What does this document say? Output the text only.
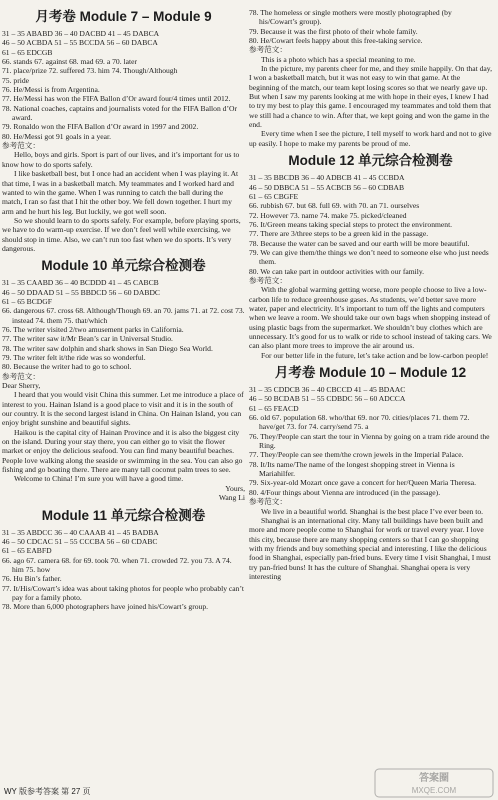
月考卷 Module 7 – Module 9

31 – 35 ABABD 36 – 40 DACBD 41 – 45 DABCA

46 – 50 ACBDA 51 – 55 BCCDA 56 – 60 DABCA

61 – 65 EDCGB

66. stands 67. against 68. mad 69. a 70. later

71. place/prize 72. suffered 73. him 74. Though/Although

75. pride

76. He/Messi is from Argentina.

77. He/Messi has won the FIFA Ballon d’Or award four/4 times until 2012.

78. National coaches, captains and journalists voted for the FIFA Ballon d’Or award.

79. Ronaldo won the FIFA Ballon d’Or award in 1997 and 2002.

80. He/Messi got 91 goals in a year.

参考范文：

Hello, boys and girls. Sport is part of our lives, and it’s important for us to know how to do sports safely.

I like basketball best, but I once had an accident when I was playing it. At that time, I was in a basketball match. My teammates and I worked hard and wanted to win the game. When I was running to catch the ball during the match, I ran so fast that I hit the other boy. We fell down together. I hurt my arm and he hurt his leg. But luckily, we got well soon.

So we should learn to do sports safely. For example, before playing sports, we have to do warm-up exercise. If we don’t feel well while exercising, we should stop in time. Also, we can’t run too fast when we do sports. It’s very dangerous.

Module 10 单元综合检测卷

31 – 35 CAABD 36 – 40 BCDDD 41 – 45 CABCB

46 – 50 DDAAD 51 – 55 BBDCD 56 – 60 DABDC

61 – 65 BCDGF

66. dangerous 67. cross 68. Although/Though 69. an 70. jams 71. at 72. cost 73. instead 74. them 75. that/which

76. The writer visited 2/two amusement parks in California.

77. The writer saw it/Mr Bean’s car in Universal Studio.

78. The writer saw dolphin and shark shows in San Diego Sea World.

79. The writer felt it/the ride was so wonderful.

80. Because the writer had to go to school.

参考范文：

Dear Sherry,

I heard that you would visit China this summer. Let me introduce a place of interest to you. Hainan Island is a good place to visit and it is in the south of our country. It is the second largest island in China. On Hainan Island, you can enjoy bright sunshine and beautiful sights.

Haikou is the capital city of Hainan Province and it is also the biggest city on the island. During your stay there, you can either go to visit the flower market or enjoy the delicious seafood. You can find many beautiful beaches. People love walking along the seaside or swimming in the sea. You can also go fishing and go boating there. There are many tall coconut palm trees to see.

Welcome to China! I’m sure you will have a good time.

Yours,

Wang Li

Module 11 单元综合检测卷

31 – 35 ABDCC 36 – 40 CAAAB 41 – 45 BADBA

46 – 50 CDCAC 51 – 55 CCCBA 56 – 60 CDABC

61 – 65 EABFD

66. ago 67. camera 68. for 69. took 70. when 71. crowded 72. you 73. A 74. him 75. how

76. Hu Bin’s father.

77. It/His/Cowart’s idea was about taking photos for people who probably can’t pay for a family photo.

78. More than 6,000 photographers have joined his/Cowart’s group.

78. The homeless or single mothers were mostly photographed (by his/Cowart’s group).

79. Because it was the first photo of their whole family.

80. He/Cowart feels happy about this free-taking service.

参考范文：

This is a photo which has a special meaning to me.

In the picture, my parents cheer for me, and they smile happily. On that day, I won a basketball match, but it was not easy to win that game. At the beginning of the match, our team kept losing scores so that we nearly gave up. But when I saw my parents looking at me with hope in their eyes, I knew I had to try my best to play this game. I encouraged my teammates and told them that we still had a chance to win. After that, we kept going and won the game in the end.

Every time when I see the picture, I tell myself to work hard and not to give up easily. I hope to make my parents be proud of me.

Module 12 单元综合检测卷

31 – 35 BBCDB 36 – 40 ADBCB 41 – 45 CCBDA

46 – 50 DBBCA 51 – 55 ACBCB 56 – 60 CDBAB

61 – 65 CBGFE

66. rubbish 67. but 68. full 69. with 70. an 71. ourselves

72. However 73. name 74. make 75. picked/cleaned

76. It/Green means taking special steps to protect the environment.

77. There are 3/three steps to be a green kid in the passage.

78. Because the water can be saved and our earth will be more beautiful.

79. We can give them/the things we don’t need to someone else who just needs them.

80. We can take part in outdoor activities with our family.

参考范文：

With the global warming getting worse, more people choose to live a low-carbon life to reduce greenhouse gases. As students, we’d better save more water, paper and electricity. It’s important to turn off the lights and computers when we leave a room. We should take our own bags when shopping instead of using plastic bags from the supermarket. We shouldn’t buy clothes which are unnecessary. It’s good for us to walk or ride to school instead of taking cars. We can also plant more trees to improve the air around us.

For our better life in the future, let’s take action and be low-carbon people!

月考卷 Module 10 – Module 12

31 – 35 CDDCB 36 – 40 CBCCD 41 – 45 BDAAC

46 – 50 BCDAB 51 – 55 CDBDC 56 – 60 ADCCA

61 – 65 FEACD

66. old 67. population 68. who/that 69. nor 70. cities/places 71. them 72. have/get 73. for 74. carry/send 75. a

76. They/People can start the tour in Vienna by going on a tram ride around the Ring.

77. They/People can see them/the crown jewels in the Imperial Palace.

78. It/Its name/The name of the longest shopping street in Vienna is Mariahilfer.

79. Six-year-old Mozart once gave a concert for her/Queen Maria Theresa.

80. 4/Four things about Vienna are introduced (in the passage).

参考范文：

We live in a beautiful world. Shanghai is the best place I’ve ever been to.

Shanghai is an international city. Many tall buildings have been built and more and more people come to Shanghai for work or travel every year. I love this city, because there are many shopping centers so that I can go shopping with my friends and buy something special and interesting. I like the delicious food in Shanghai, especially pan-fried buns. Every time I visit Shanghai, I must try pan-fried buns! It has the culture of Shanghai. Shanghai opera is very interesting

WY 版参考答案 第 27 页
答案圈
MXQE.COM
